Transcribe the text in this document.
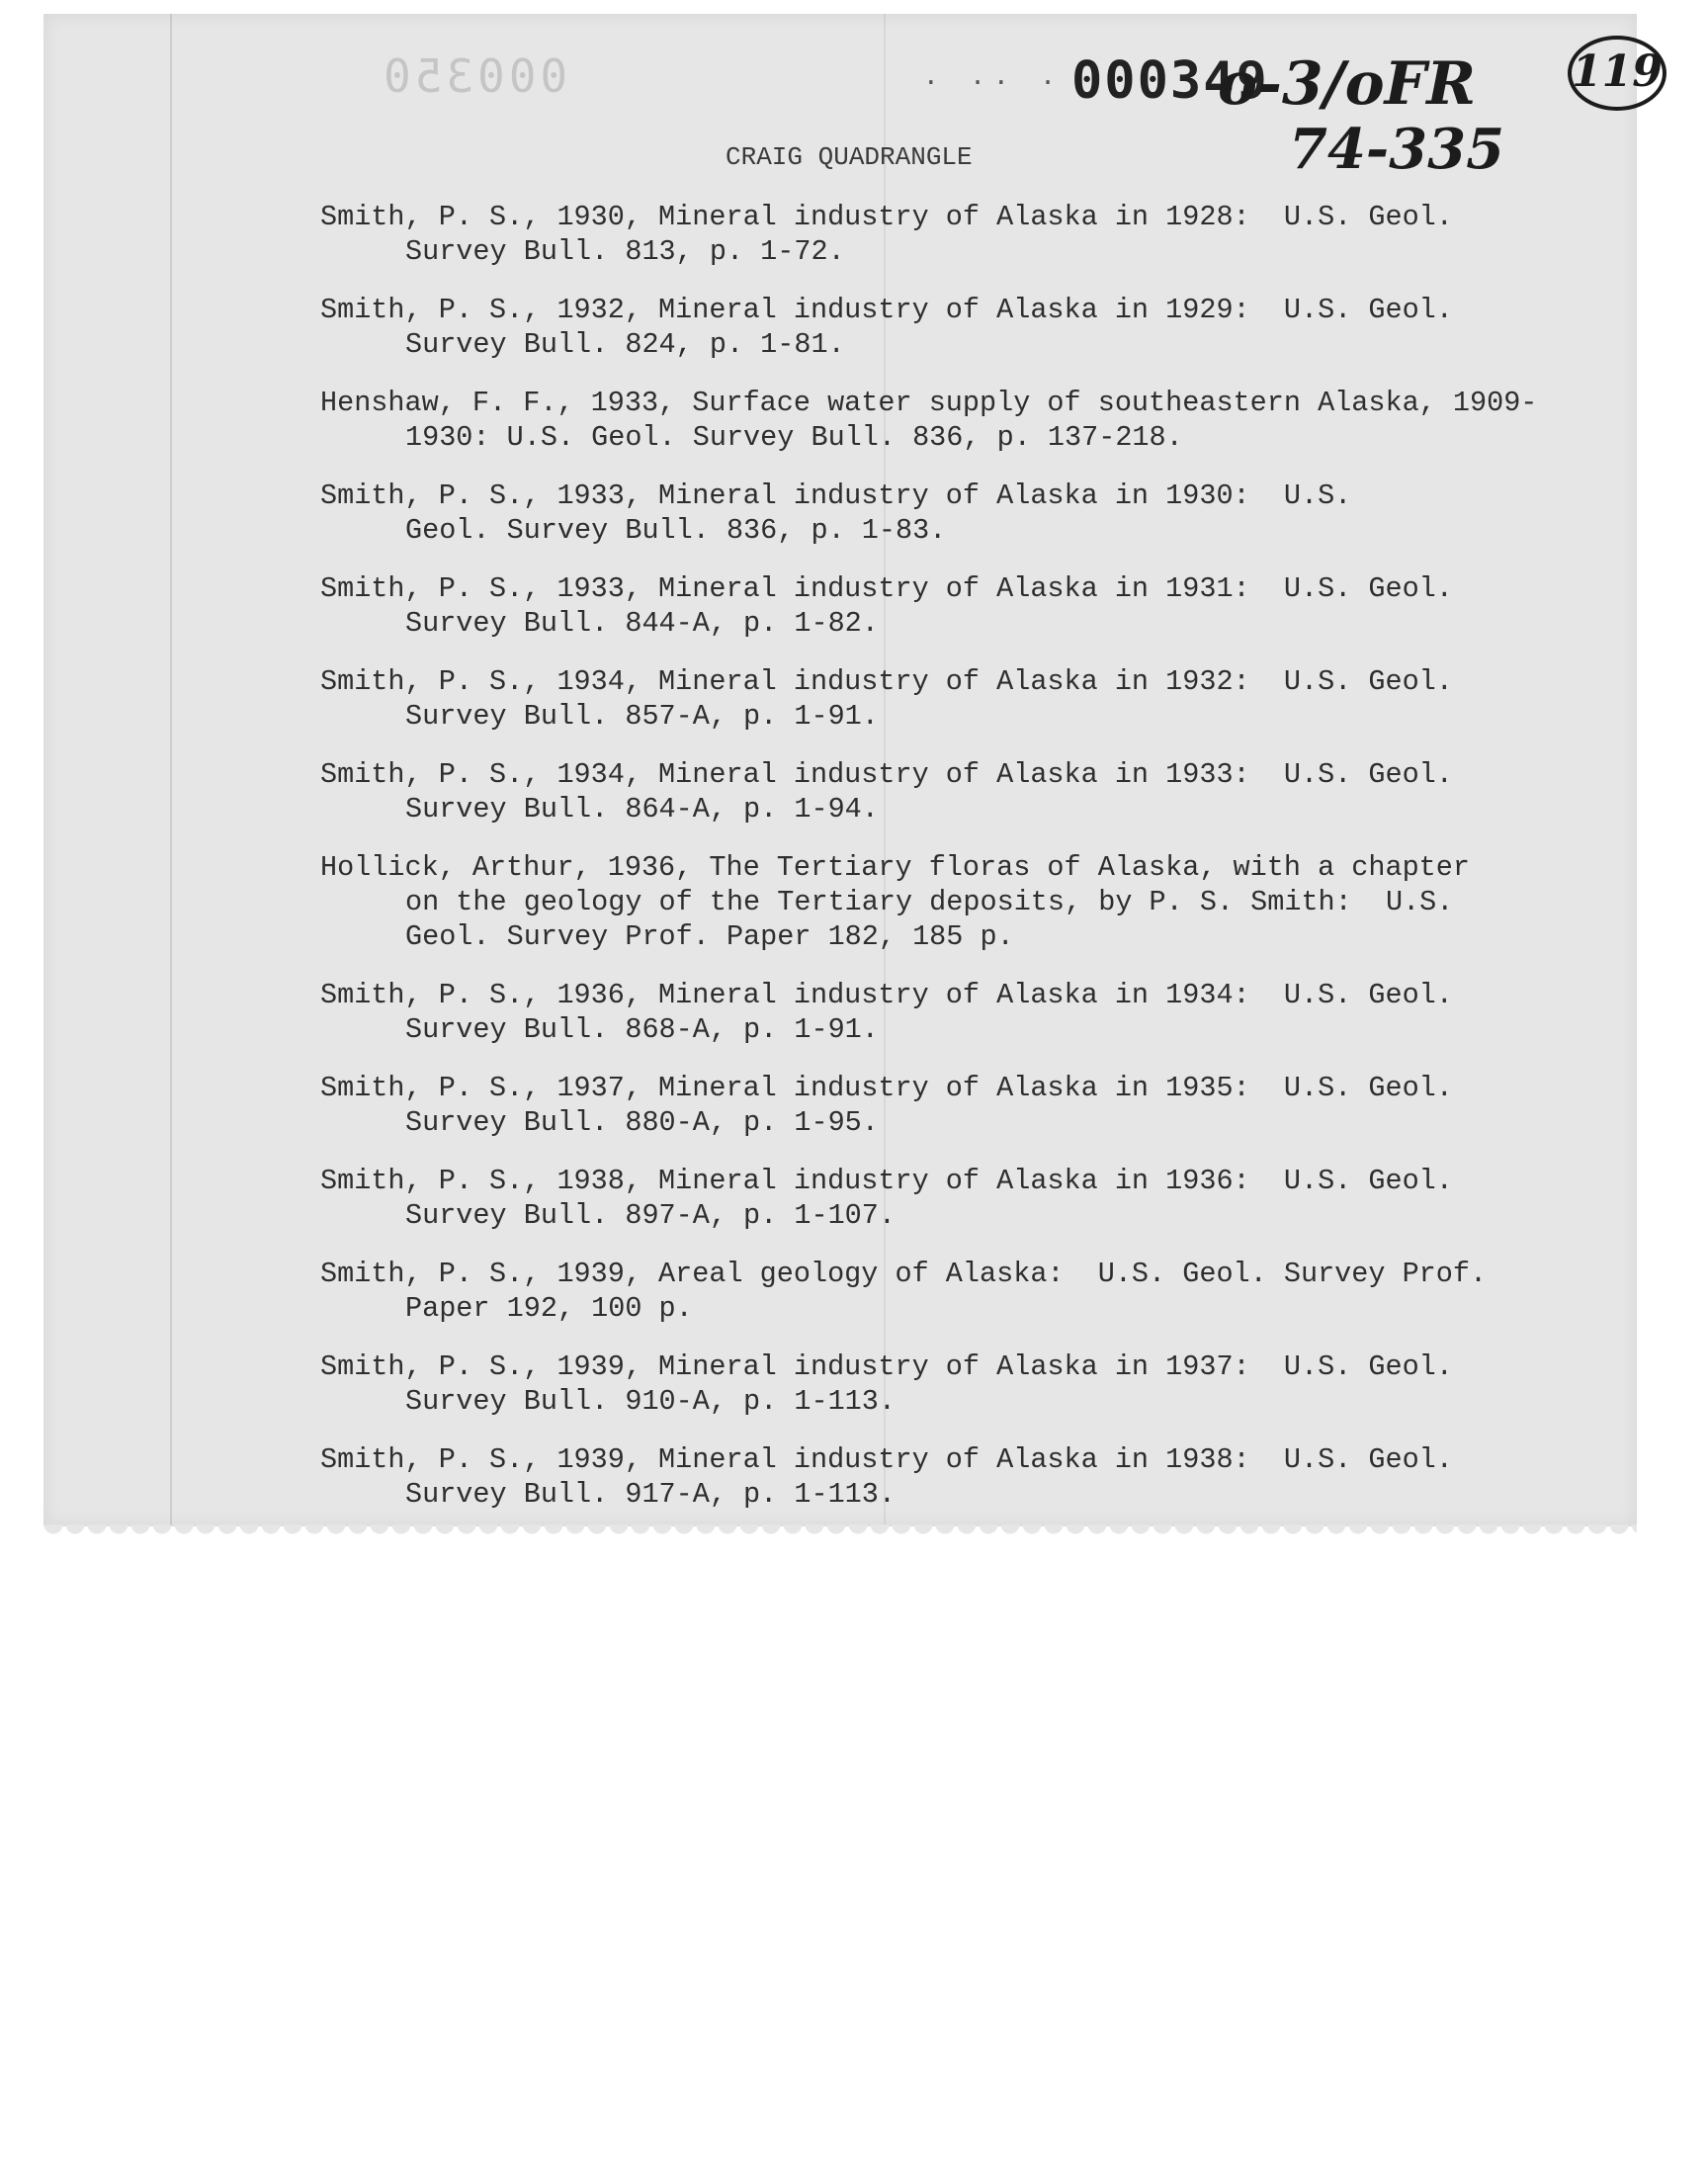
000350	. .. . 000349
o-3/oFR
74-335
119
CRAIG QUADRANGLE
Smith, P. S., 1930, Mineral industry of Alaska in 1928:  U.S. Geol.
Survey Bull. 813, p. 1-72.
Smith, P. S., 1932, Mineral industry of Alaska in 1929:  U.S. Geol.
Survey Bull. 824, p. 1-81.
Henshaw, F. F., 1933, Surface water supply of southeastern Alaska, 1909-
1930: U.S. Geol. Survey Bull. 836, p. 137-218.
Smith, P. S., 1933, Mineral industry of Alaska in 1930:  U.S.
Geol. Survey Bull. 836, p. 1-83.
Smith, P. S., 1933, Mineral industry of Alaska in 1931:  U.S. Geol.
Survey Bull. 844-A, p. 1-82.
Smith, P. S., 1934, Mineral industry of Alaska in 1932:  U.S. Geol.
Survey Bull. 857-A, p. 1-91.
Smith, P. S., 1934, Mineral industry of Alaska in 1933:  U.S. Geol.
Survey Bull. 864-A, p. 1-94.
Hollick, Arthur, 1936, The Tertiary floras of Alaska, with a chapter
on the geology of the Tertiary deposits, by P. S. Smith:  U.S.
Geol. Survey Prof. Paper 182, 185 p.
Smith, P. S., 1936, Mineral industry of Alaska in 1934:  U.S. Geol.
Survey Bull. 868-A, p. 1-91.
Smith, P. S., 1937, Mineral industry of Alaska in 1935:  U.S. Geol.
Survey Bull. 880-A, p. 1-95.
Smith, P. S., 1938, Mineral industry of Alaska in 1936:  U.S. Geol.
Survey Bull. 897-A, p. 1-107.
Smith, P. S., 1939, Areal geology of Alaska:  U.S. Geol. Survey Prof.
Paper 192, 100 p.
Smith, P. S., 1939, Mineral industry of Alaska in 1937:  U.S. Geol.
Survey Bull. 910-A, p. 1-113.
Smith, P. S., 1939, Mineral industry of Alaska in 1938:  U.S. Geol.
Survey Bull. 917-A, p. 1-113.
